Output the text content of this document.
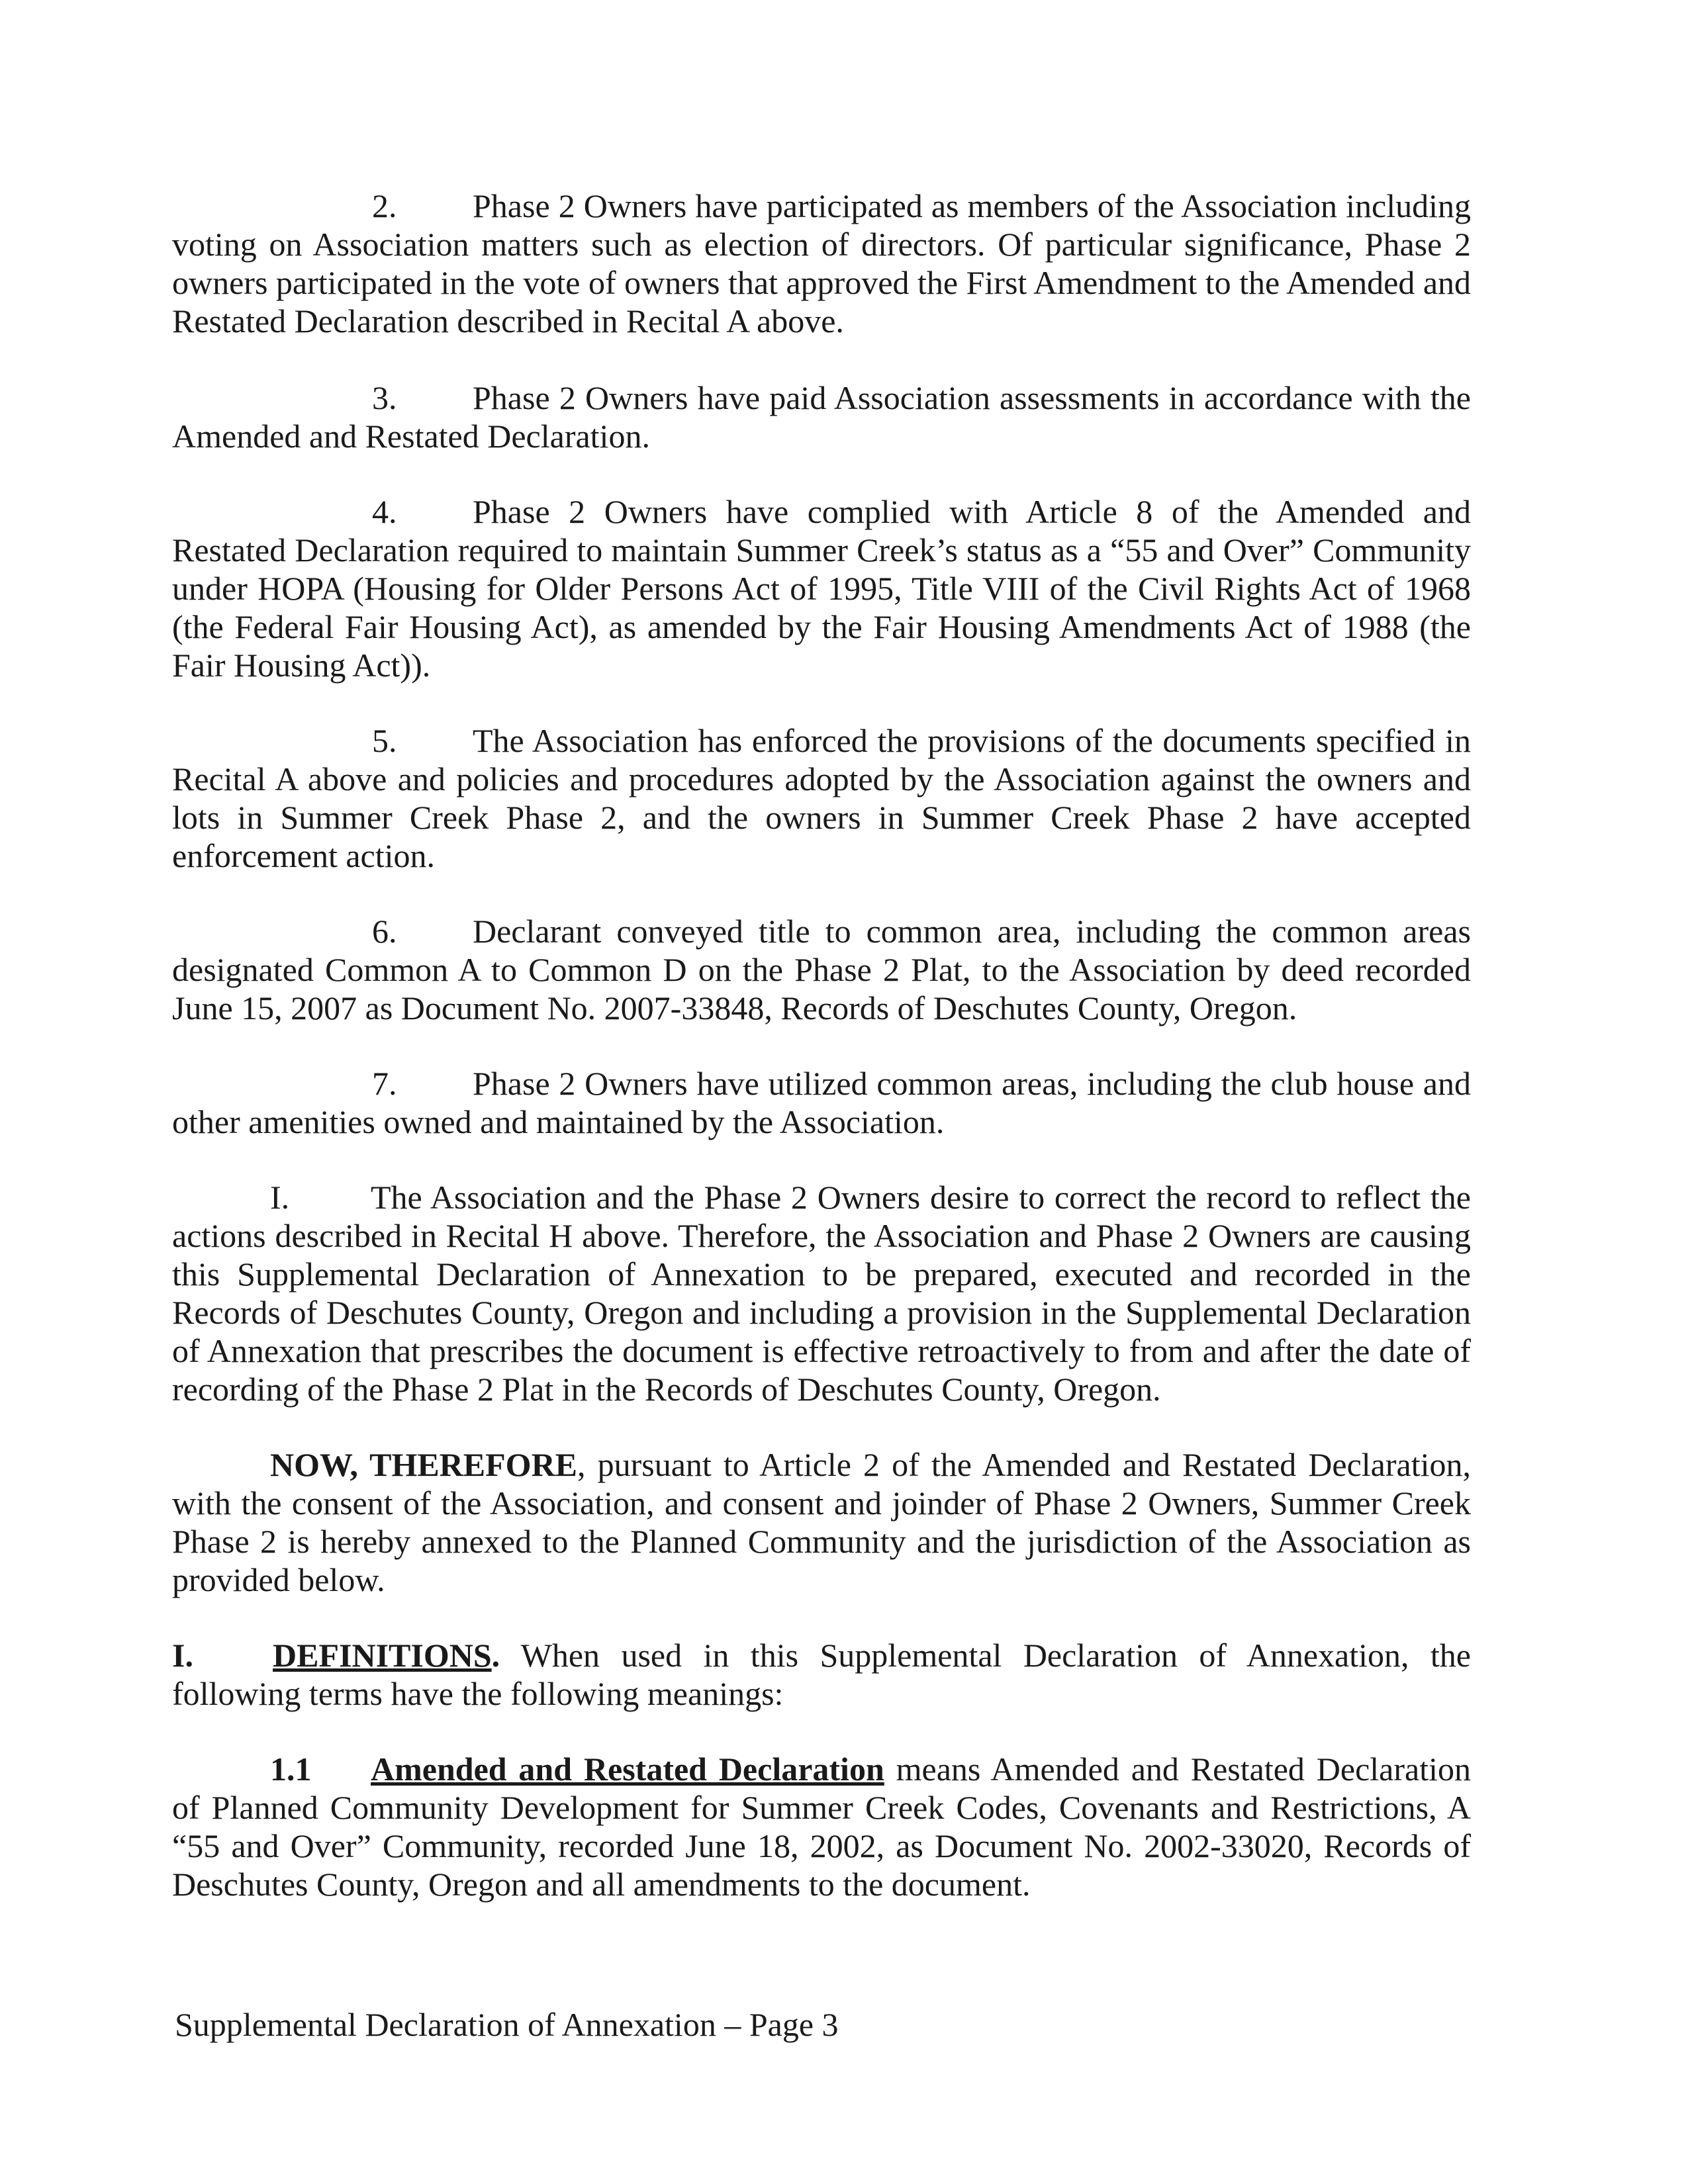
2. Phase 2 Owners have participated as members of the Association including voting on Association matters such as election of directors. Of particular significance, Phase 2 owners participated in the vote of owners that approved the First Amendment to the Amended and Restated Declaration described in Recital A above.

3. Phase 2 Owners have paid Association assessments in accordance with the Amended and Restated Declaration.

4. Phase 2 Owners have complied with Article 8 of the Amended and Restated Declaration required to maintain Summer Creek’s status as a “55 and Over” Community under HOPA (Housing for Older Persons Act of 1995, Title VIII of the Civil Rights Act of 1968 (the Federal Fair Housing Act), as amended by the Fair Housing Amendments Act of 1988 (the Fair Housing Act)).

5. The Association has enforced the provisions of the documents specified in Recital A above and policies and procedures adopted by the Association against the owners and lots in Summer Creek Phase 2, and the owners in Summer Creek Phase 2 have accepted enforcement action.

6. Declarant conveyed title to common area, including the common areas designated Common A to Common D on the Phase 2 Plat, to the Association by deed recorded June 15, 2007 as Document No. 2007-33848, Records of Deschutes County, Oregon.

7. Phase 2 Owners have utilized common areas, including the club house and other amenities owned and maintained by the Association.

I. The Association and the Phase 2 Owners desire to correct the record to reflect the actions described in Recital H above. Therefore, the Association and Phase 2 Owners are causing this Supplemental Declaration of Annexation to be prepared, executed and recorded in the Records of Deschutes County, Oregon and including a provision in the Supplemental Declaration of Annexation that prescribes the document is effective retroactively to from and after the date of recording of the Phase 2 Plat in the Records of Deschutes County, Oregon.

NOW, THEREFORE, pursuant to Article 2 of the Amended and Restated Declaration, with the consent of the Association, and consent and joinder of Phase 2 Owners, Summer Creek Phase 2 is hereby annexed to the Planned Community and the jurisdiction of the Association as provided below.

I. DEFINITIONS. When used in this Supplemental Declaration of Annexation, the following terms have the following meanings:

1.1 Amended and Restated Declaration means Amended and Restated Declaration of Planned Community Development for Summer Creek Codes, Covenants and Restrictions, A “55 and Over” Community, recorded June 18, 2002, as Document No. 2002-33020, Records of Deschutes County, Oregon and all amendments to the document.

Supplemental Declaration of Annexation – Page 3
